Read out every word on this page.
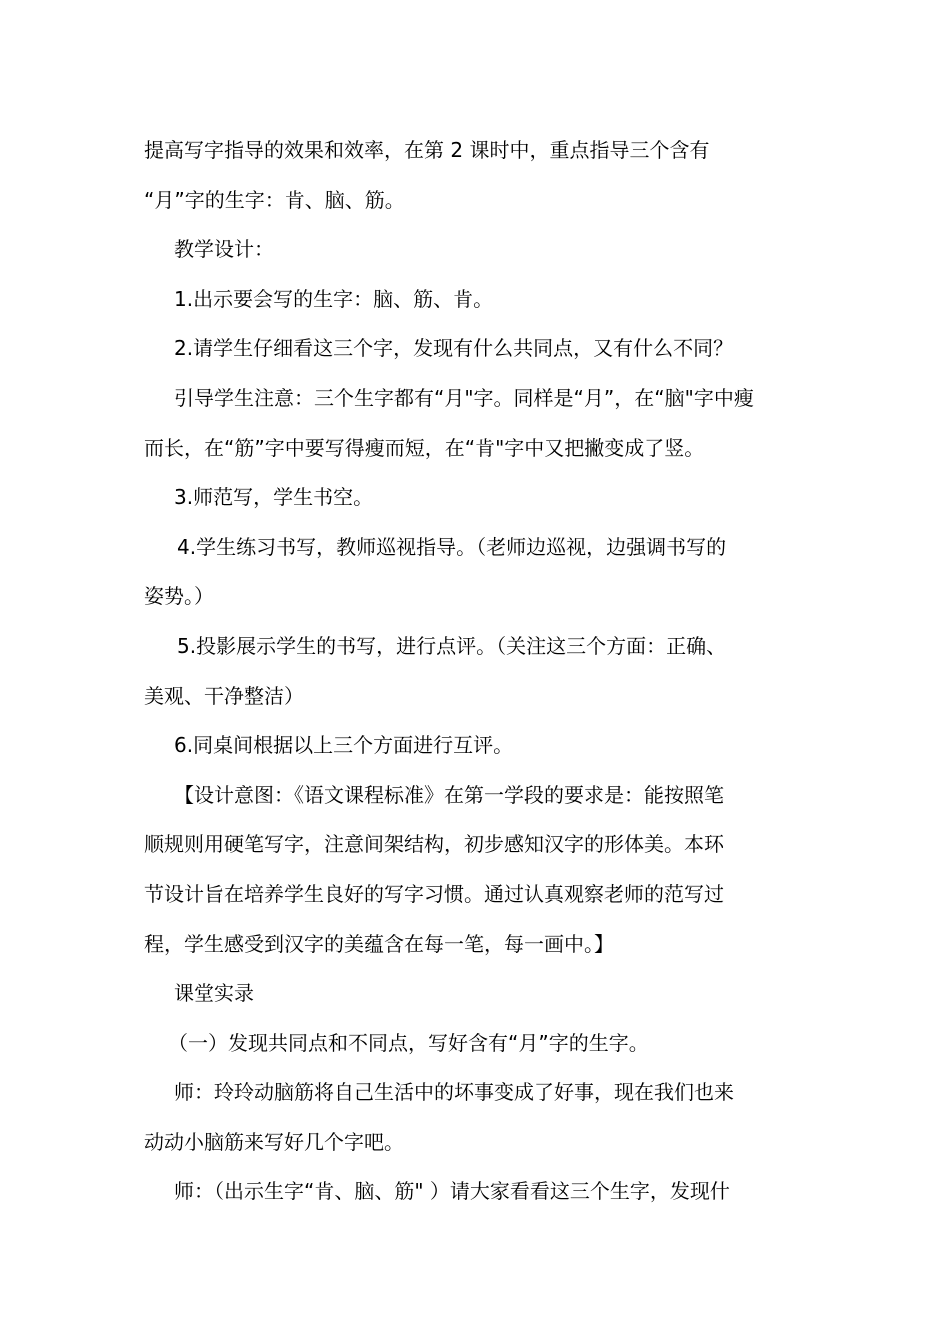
提高写字指导的效果和效率，在第 2 课时中，重点指导三个含有

“月”字的生字：肯、脑、筋。

教学设计：

1.出示要会写的生字：脑、筋、肯。

2.请学生仔细看这三个字，发现有什么共同点，又有什么不同？

引导学生注意：三个生字都有“月"字。同样是“月”，在“脑"字中瘦

而长，在“筋”字中要写得瘦而短，在“肯"字中又把撇变成了竖。

3.师范写，学生书空。

4.学生练习书写，教师巡视指导。（老师边巡视，边强调书写的

姿势。）

5.投影展示学生的书写，进行点评。（关注这三个方面：正确、

美观、干净整洁）

6.同桌间根据以上三个方面进行互评。

【设计意图：《语文课程标准》在第一学段的要求是：能按照笔

顺规则用硬笔写字，注意间架结构，初步感知汉字的形体美。本环

节设计旨在培养学生良好的写字习惯。通过认真观察老师的范写过

程，学生感受到汉字的美蕴含在每一笔，每一画中。】

课堂实录

（一）发现共同点和不同点，写好含有“月”字的生字。

师：玲玲动脑筋将自己生活中的坏事变成了好事，现在我们也来

动动小脑筋来写好几个字吧。

师：（出示生字“肯、脑、筋" ）请大家看看这三个生字，发现什
